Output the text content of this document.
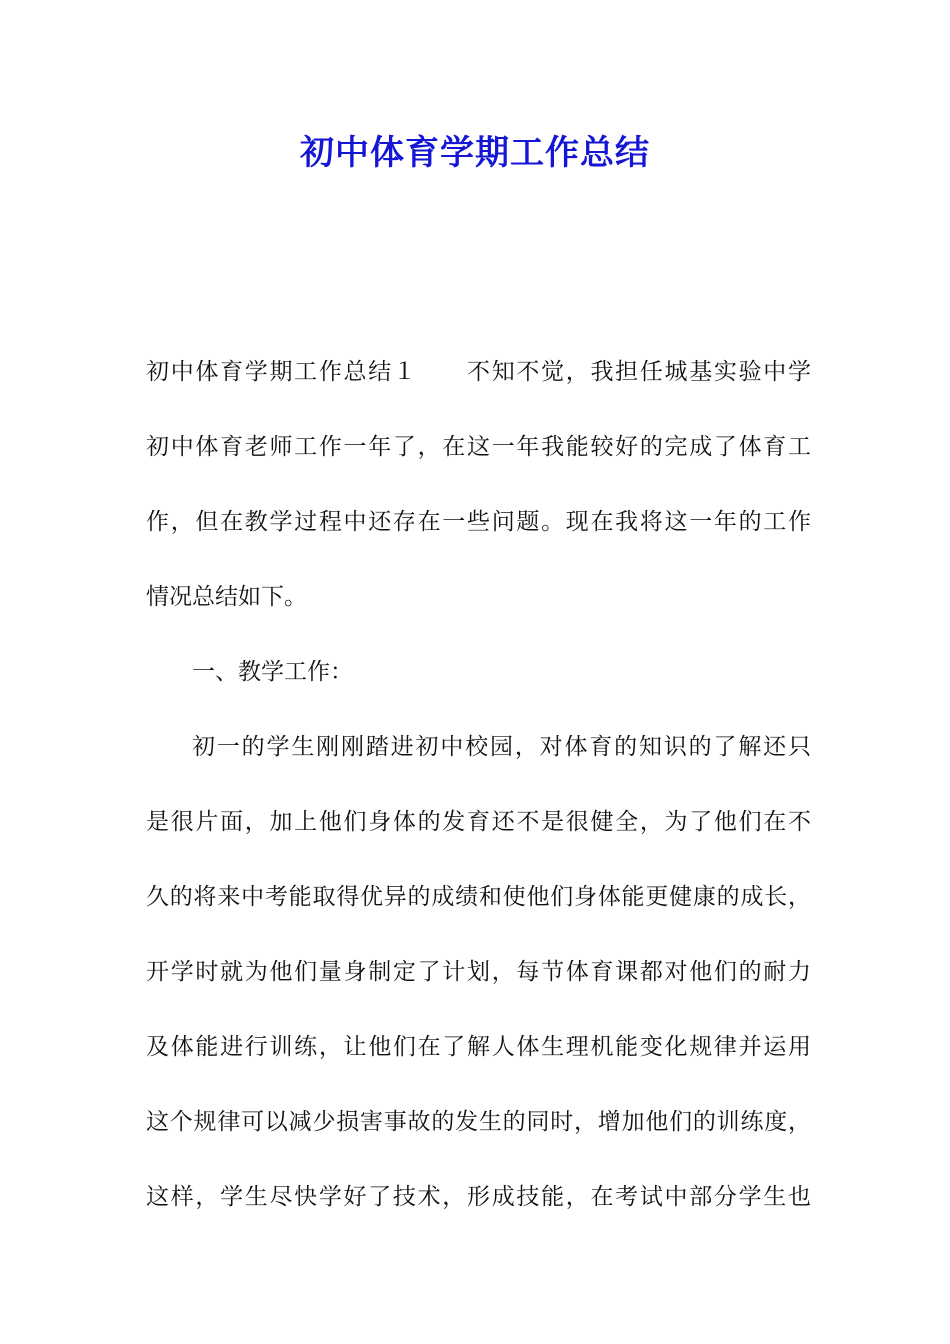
初中体育学期工作总结
初中体育学期工作总结１　　不知不觉，我担任城基实验中学
初中体育老师工作一年了，在这一年我能较好的完成了体育工
作，但在教学过程中还存在一些问题。现在我将这一年的工作
情况总结如下。
一、教学工作：
初一的学生刚刚踏进初中校园，对体育的知识的了解还只
是很片面，加上他们身体的发育还不是很健全，为了他们在不
久的将来中考能取得优异的成绩和使他们身体能更健康的成长，
开学时就为他们量身制定了计划，每节体育课都对他们的耐力
及体能进行训练，让他们在了解人体生理机能变化规律并运用
这个规律可以减少损害事故的发生的同时，增加他们的训练度，
这样，学生尽快学好了技术，形成技能，在考试中部分学生也
